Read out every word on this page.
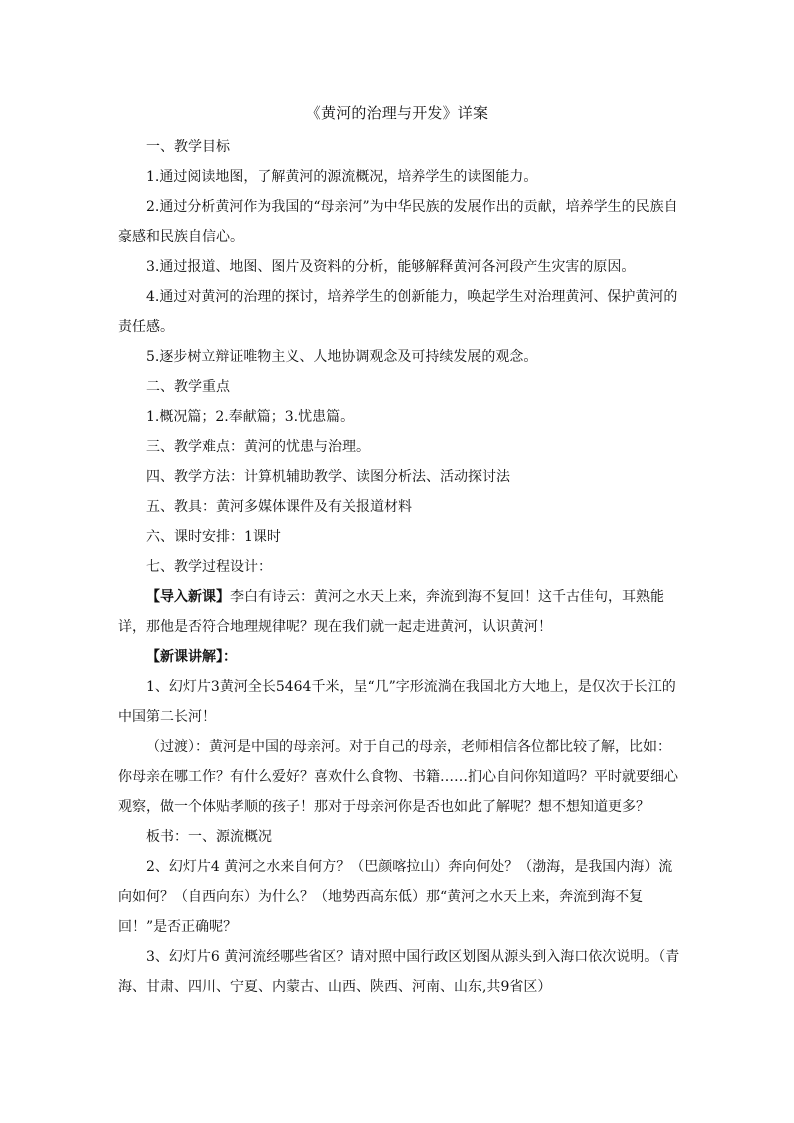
《黄河的治理与开发》详案

一、教学目标

1.通过阅读地图，了解黄河的源流概况，培养学生的读图能力。

2.通过分析黄河作为我国的“母亲河”为中华民族的发展作出的贡献，培养学生的民族自豪感和民族自信心。

3.通过报道、地图、图片及资料的分析，能够解释黄河各河段产生灾害的原因。

4.通过对黄河的治理的探讨，培养学生的创新能力，唤起学生对治理黄河、保护黄河的责任感。

5.逐步树立辩证唯物主义、人地协调观念及可持续发展的观念。

二、教学重点

1.概况篇；2.奉献篇；3.忧患篇。

三、教学难点：黄河的忧患与治理。

四、教学方法：计算机辅助教学、读图分析法、活动探讨法

五、教具：黄河多媒体课件及有关报道材料

六、课时安排：1课时

七、教学过程设计：

【导入新课】李白有诗云：黄河之水天上来，奔流到海不复回！这千古佳句，耳熟能详，那他是否符合地理规律呢？现在我们就一起走进黄河，认识黄河！

【新课讲解】：

1、幻灯片3黄河全长5464千米，呈“几”字形流淌在我国北方大地上，是仅次于长江的中国第二长河！

（过渡）：黄河是中国的母亲河。对于自己的母亲，老师相信各位都比较了解，比如：你母亲在哪工作？有什么爱好？喜欢什么食物、书籍……扪心自问你知道吗？平时就要细心观察，做一个体贴孝顺的孩子！那对于母亲河你是否也如此了解呢？想不想知道更多？

板书：一、源流概况

2、幻灯片4 黄河之水来自何方？（巴颜喀拉山）奔向何处？（渤海，是我国内海）流向如何？（自西向东）为什么？（地势西高东低）那“黄河之水天上来，奔流到海不复回！”是否正确呢？

3、幻灯片6 黄河流经哪些省区？请对照中国行政区划图从源头到入海口依次说明。（青海、甘肃、四川、宁夏、内蒙古、山西、陕西、河南、山东,共9省区）
